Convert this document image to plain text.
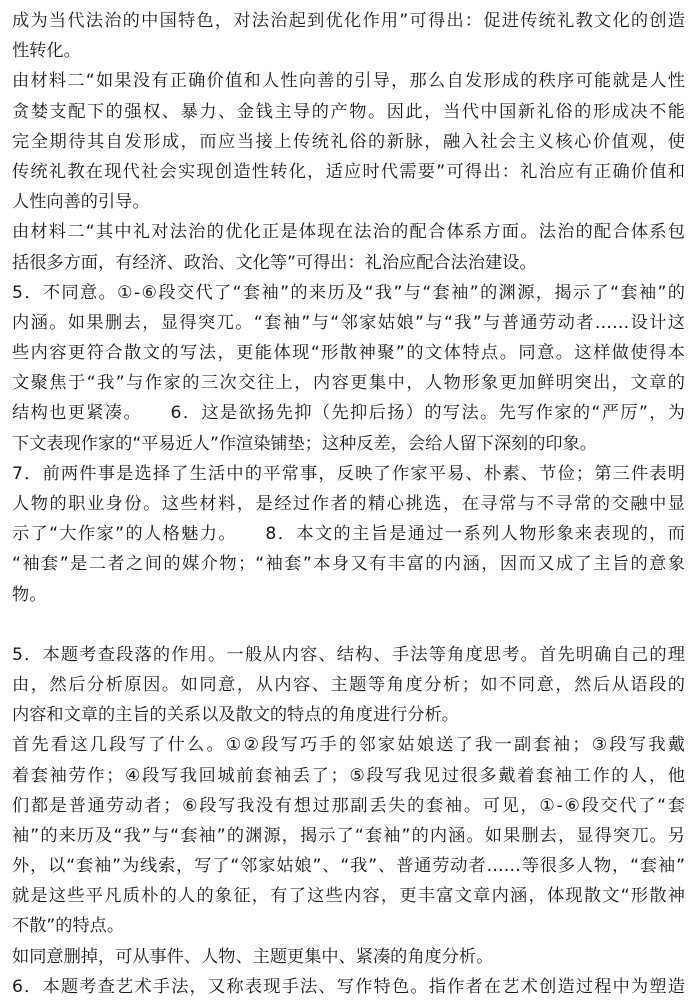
成为当代法治的中国特色，对法治起到优化作用”可得出：促进传统礼教文化的创造
性转化。
由材料二“如果没有正确价值和人性向善的引导，那么自发形成的秩序可能就是人性
贪婪支配下的强权、暴力、金钱主导的产物。因此，当代中国新礼俗的形成决不能
完全期待其自发形成，而应当接上传统礼俗的新脉，融入社会主义核心价值观，使
传统礼教在现代社会实现创造性转化，适应时代需要”可得出：礼治应有正确价值和
人性向善的引导。
由材料二“其中礼对法治的优化正是体现在法治的配合体系方面。法治的配合体系包
括很多方面，有经济、政治、文化等”可得出：礼治应配合法治建设。
5．不同意。①-⑥段交代了“套袖”的来历及“我”与“套袖”的渊源，揭示了“套袖”的
内涵。如果删去，显得突兀。“套袖”与“邻家姑娘”与“我”与普通劳动者……设计这
些内容更符合散文的写法，更能体现“形散神聚”的文体特点。同意。这样做使得本
文聚焦于“我”与作家的三次交往上，内容更集中，人物形象更加鲜明突出，文章的
结构也更紧凑。　　6．这是欲扬先抑（先抑后扬）的写法。先写作家的“严厉”，为
下文表现作家的“平易近人”作渲染铺垫；这种反差，会给人留下深刻的印象。
7．前两件事是选择了生活中的平常事，反映了作家平易、朴素、节俭；第三件表明
人物的职业身份。这些材料，是经过作者的精心挑选，在寻常与不寻常的交融中显
示了“大作家”的人格魅力。　　8．本文的主旨是通过一系列人物形象来表现的，而
“袖套”是二者之间的媒介物；“袖套”本身又有丰富的内涵，因而又成了主旨的意象
物。
5．本题考查段落的作用。一般从内容、结构、手法等角度思考。首先明确自己的理
由，然后分析原因。如同意，从内容、主题等角度分析；如不同意，然后从语段的
内容和文章的主旨的关系以及散文的特点的角度进行分析。
首先看这几段写了什么。①②段写巧手的邻家姑娘送了我一副套袖；③段写我戴
着套袖劳作；④段写我回城前套袖丢了；⑤段写我见过很多戴着套袖工作的人，他
们都是普通劳动者；⑥段写我没有想过那副丢失的套袖。可见，①-⑥段交代了“套
袖”的来历及“我”与“套袖”的渊源，揭示了“套袖”的内涵。如果删去，显得突兀。另
外，以“套袖”为线索，写了“邻家姑娘”、“我”、普通劳动者……等很多人物，“套袖”
就是这些平凡质朴的人的象征，有了这些内容，更丰富文章内涵，体现散文“形散神
不散”的特点。
如同意删掉，可从事件、人物、主题更集中、紧凑的角度分析。
6．本题考查艺术手法，又称表现手法、写作特色。指作者在艺术创造过程中为塑造
